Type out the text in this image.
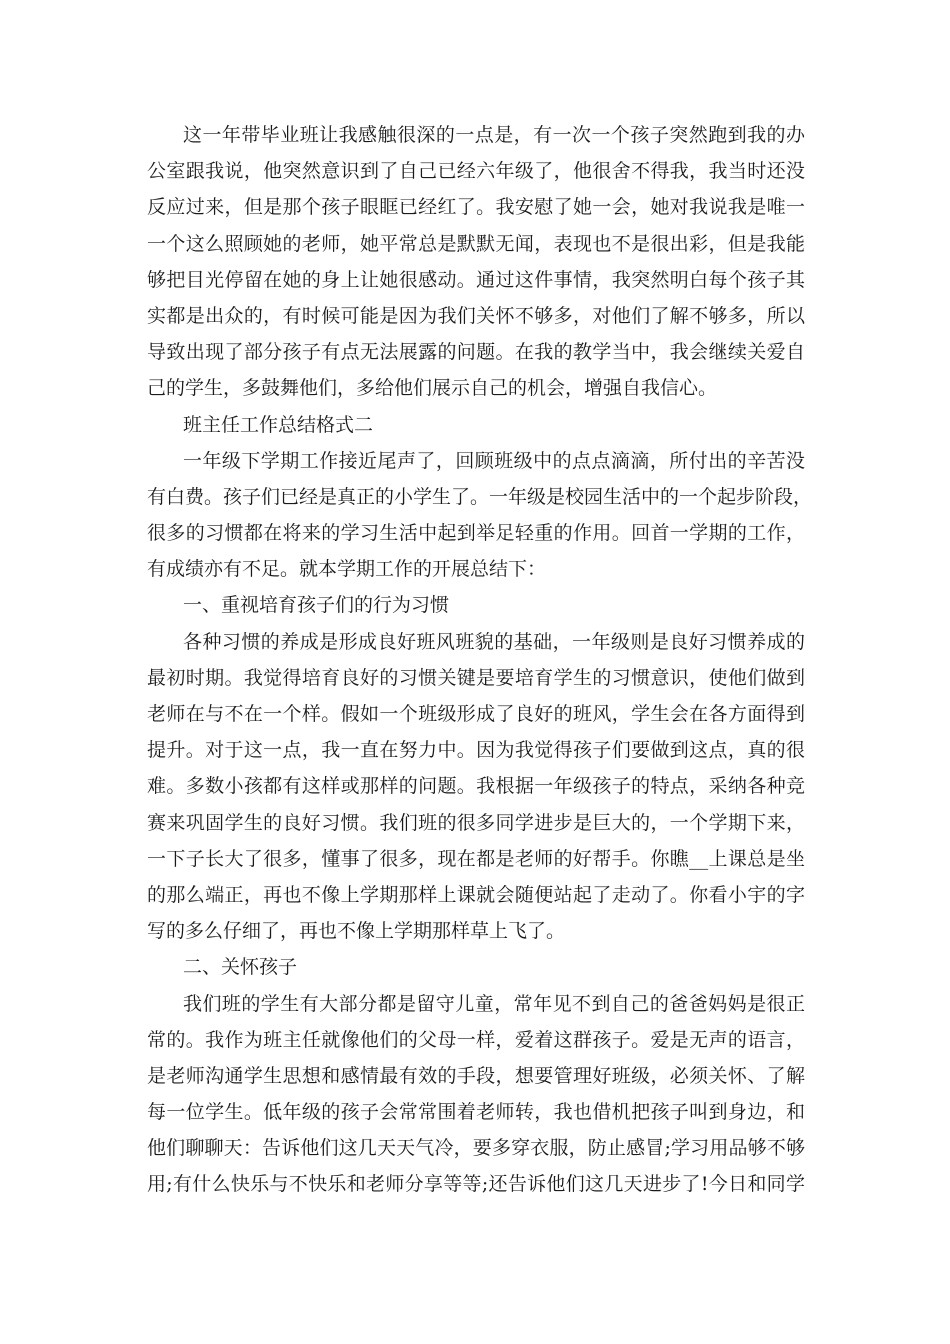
这一年带毕业班让我感触很深的一点是，有一次一个孩子突然跑到我的办
公室跟我说，他突然意识到了自己已经六年级了，他很舍不得我，我当时还没
反应过来，但是那个孩子眼眶已经红了。我安慰了她一会，她对我说我是唯一
一个这么照顾她的老师，她平常总是默默无闻，表现也不是很出彩，但是我能
够把目光停留在她的身上让她很感动。通过这件事情，我突然明白每个孩子其
实都是出众的，有时候可能是因为我们关怀不够多，对他们了解不够多，所以
导致出现了部分孩子有点无法展露的问题。在我的教学当中，我会继续关爱自
己的学生，多鼓舞他们，多给他们展示自己的机会，增强自我信心。
班主任工作总结格式二
一年级下学期工作接近尾声了，回顾班级中的点点滴滴，所付出的辛苦没
有白费。孩子们已经是真正的小学生了。一年级是校园生活中的一个起步阶段，
很多的习惯都在将来的学习生活中起到举足轻重的作用。回首一学期的工作，
有成绩亦有不足。就本学期工作的开展总结下：
一、重视培育孩子们的行为习惯
各种习惯的养成是形成良好班风班貌的基础，一年级则是良好习惯养成的
最初时期。我觉得培育良好的习惯关键是要培育学生的习惯意识，使他们做到
老师在与不在一个样。假如一个班级形成了良好的班风，学生会在各方面得到
提升。对于这一点，我一直在努力中。因为我觉得孩子们要做到这点，真的很
难。多数小孩都有这样或那样的问题。我根据一年级孩子的特点，采纳各种竞
赛来巩固学生的良好习惯。我们班的很多同学进步是巨大的，一个学期下来，
一下子长大了很多，懂事了很多，现在都是老师的好帮手。你瞧__上课总是坐
的那么端正，再也不像上学期那样上课就会随便站起了走动了。你看小宇的字
写的多么仔细了，再也不像上学期那样草上飞了。
二、关怀孩子
我们班的学生有大部分都是留守儿童，常年见不到自己的爸爸妈妈是很正
常的。我作为班主任就像他们的父母一样，爱着这群孩子。爱是无声的语言，
是老师沟通学生思想和感情最有效的手段，想要管理好班级，必须关怀、了解
每一位学生。低年级的孩子会常常围着老师转，我也借机把孩子叫到身边，和
他们聊聊天：告诉他们这几天天气冷，要多穿衣服，防止感冒;学习用品够不够
用;有什么快乐与不快乐和老师分享等等;还告诉他们这几天进步了!今日和同学
